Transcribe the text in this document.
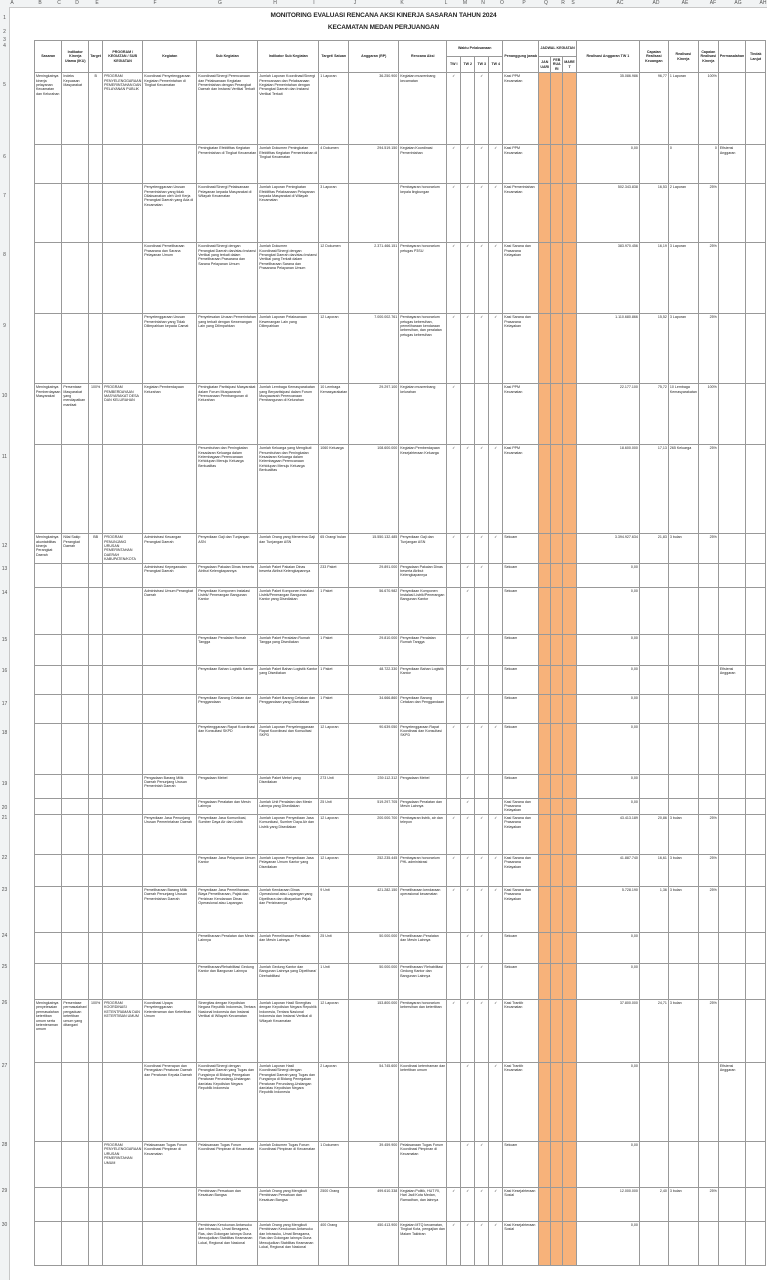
A	B	C	D	E	F	G	H	I	J	K	L	M	N	O	P	Q	R	S	AC	AD	AE	AF	AG	AH
1
2
3
4
5
6
7
8
9
10
11
12
13
14
15
16
17
18
19
20
21
22
23
24
25
26
27
28
29
30
MONITORING EVALUASI RENCANA AKSI KINERJA SASARAN TAHUN 2024
KECAMATAN MEDAN PERJUANGAN
Sasaran	Indikator Kinerja Utama (IKU)	Target	PROGRAM / KEGIATAN / SUB KEGIATAN	Kegiatan	Sub Kegiatan	Indikator Sub Kegiatan	Target/ Satuan	Anggaran (RP)	Rencana Aksi	Waktu Pelaksanaan				Penanggung jawab	JADWAL KEGIATAN			Realisasi Anggaran TW 1	Capaian Realisasi Keuangan	Realisasi Kinerja	Capaian Realisasi Kinerja	Permasalahan	Tindak Lanjut
										TW I	TW 2	TW 3	TW 4		JAN UARI	FEB RUA RI	MARE T						
Meningkatnya kinerja pelayanan Kecamatan dan Kelurahan	Indeks Kepuasan Masyarakat	B	PROGRAM PENYELENGGARAAN PEMERINTAHAN DAN PELAYANAN PUBLIK	Koordinasi Penyelenggaraan Kegiatan Pemerintahan di Tingkat Kecamatan	Koordinasi/Sinergi Perencanaan dan Pelaksanaan Kegiatan Pemerintahan dengan Perangkat Daerah dan Instansi Vertikal Terkait	Jumlah Laporan Koordinasi/Sinergi Perencanaan dan Pelaksanaan Kegiatan Pemerintahan dengan Perangkat Daerah dan Instansi Vertikal Terkait	1 Laporan	36.250.900	Kegiatan musrenbang kecamatan	✓		✓		Kasi PPM Kecamatan				35.086.986	96,77	1 Laporan	100%		
					Peningkatan Efektifitas Kegiatan Pemerintahan di Tingkat Kecamatan	Jumlah Dokumen Peningkatan Efektifitas Kegiatan Pemerintahan di Tingkat Kecamatan	4 Dokumen	294.519.150	Kegiatan Koordinasi Pemerintahan	✓	✓	✓	✓	Kasi PPM Kecamatan				0,00		0	0	Efisiensi Anggaran	
				Penyelenggaraan Urusan Pemerintahan yang tidak Dilaksanakan oleh Unit Kerja Perangkat Daerah yang Ada di Kecamatan	Koordinasi/Sinergi Pelaksanaan Pelayanan kepada Masyarakat di Wilayah Kecamatan	Jumlah Laporan Peningkatan Efektifitas Pelaksanaan Pelayanan kepada Masyarakat di Wilayah Kecamatan	3 Laporan		Pembayaran honorarium kepala lingkungan	✓	✓	✓	✓	Kasi Pemerintahan Kecamatan				502.343.838	16,53	2 Laporan	25%		
				Koordinasi Pemeliharaan Prasarana dan Sarana Pelayanan Umum	Koordinasi/Sinergi dengan Perangkat Daerah dan/atau Instansi Vertikal yang terkait dalam Pemeliharaan Prasarana dan Sarana Pelayanan Umum	Jumlah Dokumen Koordinasi/Sinergi dengan Perangkat Daerah dan/atau Instansi Vertikal yang Terkait dalam Pemeliharaan Sarana dan Prasarana Pelayanan Umum	12 Dokumen	2.371.466.151	Pembayaran honorarium petugas P3SU	✓	✓	✓	✓	Kasi Sarana dan Prasarana Kelayakan				383.970.456	16,19	3 Laporan	25%		
				Penyelenggaraan Urusan Pemerintahan yang Tidak Dilimpahkan kepada Camat	Penyelesaian Urusan Pemerintahan yang terkait dengan Kewenangan Lain yang Dilimpahkan	Jumlah Laporan Pelaksanaan Kewenangan Lain yang Dilimpahkan	12 Laporan	7.000.002.761	Pembayaran honorarium petugas kebersihan, pemeliharaan kendaraan kebersihan, dan peralatan petugas kebersihan	✓	✓	✓	✓	Kasi Sarana dan Prasarana Kelayakan				1.110.680.866	15,52	3 Laporan	25%		
Meningkatnya Pemberdayaan Masyarakat	Persentase Masyarakat yang mendapatkan manfaat	100%	PROGRAM PEMBERDAYAAN MASYARAKAT DESA DAN KELURAHAN	Kegiatan Pemberdayaan Kelurahan	Peningkatan Partisipasi Masyarakat dalam Forum Musyawarah Perencanaan Pembangunan di Kelurahan	Jumlah Lembaga Kemasyarakatan yang Berpartisipasi dalam Forum Musyawarah Perencanaan Pembangunan di Kelurahan	10 Lembaga Kemasyarakatan	29.297.100	Kegiatan musrenbang kelurahan	✓				Kasi PPM Kecamatan				22.177.100	75,72	10 Lembaga Kemasyarakatan	100%		
					Penumbuhan dan Peningkatan Kesadaran Keluarga dalam Kelembagaan Perencanaan Kehidupan Menuju Keluarga Berkualitas	Jumlah Keluarga yang Mengikuti Penumbuhan dan Peningkatan Kesadaran Keluarga dalam Kelembagaan Perencanaan Kehidupan Menuju Keluarga Berkualitas	1060 Keluarga	108.600.000	Kegiatan Pemberdayaan Kesejahteraan Keluarga	✓	✓	✓	✓	Kasi PPM Kecamatan				18.600.000	17,13	265 Keluarga	25%		
Meningkatnya akuntabilitas kinerja Perangkat Daerah	Nilai Sakip Perangkat Daerah	BB	PROGRAM PENUNJANG URUSAN PEMERINTAHAN DAERAH KABUPATEN/KOTA	Administrasi Keuangan Perangkat Daerah	Penyediaan Gaji dan Tunjangan ASN	Jumlah Orang yang Menerima Gaji dan Tunjangan ASN	65 Orang/ bulan	15.550.132.485	Penyediaan Gaji dan Tunjangan ASN	✓	✓	✓	✓	Sekcam				3.394.927.634	21,83	3 bulan	25%		
				Administrasi Kepegawaian Perangkat Daerah	Pengadaan Pakaian Dinas beserta Atribut Kelengkapannya	Jumlah Paket Pakaian Dinas beserta Atribut Kelengkapannya	233 Paket	29.891.000	Pengadaan Pakaian Dinas beserta Atribut Kelengkapannya		✓	✓		Sekcam				0,00					
				Administrasi Umum Perangkat Daerah	Penyediaan Komponen Instalasi Listrik/ Penerangan Bangunan Kantor	Jumlah Paket Komponen Instalasi Listrik/Penerangan Bangunan Kantor yang Disediakan	1 Paket	56.670.982	Penyediaan Komponen Instalasi Listrik/Penerangan Bangunan Kantor		✓			Sekcam				0,00					
					Penyediaan Peralatan Rumah Tangga	Jumlah Paket Peralatan Rumah Tangga yang Disediakan	1 Paket	29.810.000	Penyediaan Peralatan Rumah Tangga		✓			Sekcam				0,00					
					Penyediaan Bahan Logistik Kantor	Jumlah Paket Bahan Logistik Kantor yang Disediakan	1 Paket	48.722.330	Penyediaan Bahan Logistik Kantor		✓			Sekcam				0,00				Efisiensi Anggaran	
					Penyediaan Barang Cetakan dan Penggandaan	Jumlah Paket Barang Cetakan dan Penggandaan yang Disediakan	1 Paket	34.666.860	Penyediaan Barang Cetakan dan Penggandaan		✓			Sekcam				0,00					
					Penyelenggaraan Rapat Koordinasi dan Konsultasi SKPD	Jumlah Laporan Penyelenggaraan Rapat Koordinasi dan Konsultasi SKPD	12 Laporan	90.639.050	Penyelenggaraan Rapat Koordinasi dan Konsultasi SKPD	✓	✓	✓	✓	Sekcam				0,00					
				Pengadaan Barang Milik Daerah Penunjang Urusan Pemerintah Daerah	Pengadaan Mebel	Jumlah Paket Mebel yang Disediakan	273 Unit	239.112.312	Pengadaan Mebel		✓			Sekcam				0,00					
					Pengadaan Peralatan dan Mesin Lainnya	Jumlah Unit Peralatan dan Mesin Lainnya yang Disediakan	25 Unit	519.297.705	Pengadaan Peralatan dan Mesin Lainnya		✓			Kasi Sarana dan Prasarana Kelayakan				0,00					
				Penyediaan Jasa Penunjang Urusan Pemerintahan Daerah	Penyediaan Jasa Komunikasi, Sumber Daya Air dan Listrik	Jumlah Laporan Penyediaan Jasa Komunikasi, Sumber Daya Air dan Listrik yang Disediakan	12 Laporan	200.000.700	Pembayaran listrik, air dan telepon	✓	✓	✓	✓	Kasi Sarana dan Prasarana Kelayakan				43.413.189	20,86	3 bulan	25%		
					Penyediaan Jasa Pelayanan Umum Kantor	Jumlah Laporan Penyediaan Jasa Pelayanan Umum Kantor yang Disediakan	12 Laporan	252.235.445	Pembayaran honorarium PHL administrasi	✓	✓	✓	✓	Kasi Sarana dan Prasarana Kelayakan				41.887.740	16,61	3 bulan	25%		
				Pemeliharaan Barang Milik Daerah Penunjang Urusan Pemerintahan Daerah	Penyediaan Jasa Pemeliharaan, Biaya Pemeliharaan, Pajak dan Perizinan Kendaraan Dinas Operasional atau Lapangan	Jumlah Kendaraan Dinas Operasional atau Lapangan yang Dipelihara dan dibayarkan Pajak dan Perizinannya	9 Unit	421.282.150	Pemeliharaan kendaraan operasional kecamatan	✓	✓	✓	✓	Kasi Sarana dan Prasarana Kelayakan				5.728.190	1,36	3 bulan	25%		
					Pemeliharaan Peralatan dan Mesin Lainnya	Jumlah Pemeliharaan Peralatan dan Mesin Lainnya	25 Unit	50.000.000	Pemeliharaan Peralatan dan Mesin Lainnya		✓	✓		Sekcam				0,00					
					Pemeliharaan/Rehabilitasi Gedung Kantor dan Bangunan Lainnya	Jumlah Gedung Kantor dan Bangunan Lainnya yang Dipelihara/ Direhabilitasi	1 Unit	50.000.000	Pemeliharaan/ Rehabilitasi Gedung Kantor dan Bangunan Lainnya		✓	✓		Sekcam				0,00					
Meningkatnya penyelesaian permasalahan ketertiban umum serta ketenteraman umum	Persentase permasalahan/ pengaduan ketertiban umum yang ditangani	100%	PROGRAM KOORDINASI KETENTRAMAN DAN KETERTIBAN UMUM	Koordinasi Upaya Penyelenggaraan Ketenteraman dan Ketertiban Umum	Sinergitas dengan Kepolisian Negara Republik Indonesia, Tentara Nasional Indonesia dan Instansi Vertikal di Wilayah Kecamatan	Jumlah Laporan Hasil Sinergitas dengan Kepolisian Negara Republik Indonesia, Tentara Nasional Indonesia dan Instansi Vertikal di Wilayah Kecamatan	12 Laporan	153.800.000	Pembayaran honorarium kebersihan dan ketertiban	✓	✓	✓	✓	Kasi Trantib Kecamatan				37.800.000	24,71	3 bulan	25%		
				Koordinasi Penerapan dan Penegakan Peraturan Daerah dan Peraturan Kepala Daerah	Koordinasi/Sinergi dengan Perangkat Daerah yang Tugas dan Fungsinya di Bidang Penegakan Peraturan Perundang-Undangan dan/atau Kepolisian Negara Republik Indonesia	Jumlah Laporan Hasil Koordinasi/Sinergi dengan Perangkat Daerah yang Tugas dan Fungsinya di Bidang Penegakan Peraturan Perundang-Undangan dan/atau Kepolisian Negara Republik Indonesia	2 Laporan	54.745.600	Koordinasi ketentraman dan ketertiban umum		✓		✓	Kasi Trantib Kecamatan				0,00				Efisiensi Anggaran	
			PROGRAM PENYELENGGARAAN URUSAN PEMERINTAHAN UMUM	Pelaksanaan Tugas Forum Koordinasi Pimpinan di Kecamatan	Pelaksanaan Tugas Forum Koordinasi Pimpinan di Kecamatan	Jumlah Dokumen Tugas Forum Koordinasi Pimpinan di Kecamatan	1 Dokumen	39.459.900	Pelaksanaan Tugas Forum Koordinasi Pimpinan di Kecamatan		✓	✓		Sekcam				0,00					
					Pembinaan Persatuan dan Kesatuan Bangsa	Jumlah Orang yang Mengikuti Pembinaan Persatuan dan Kesatuan Bangsa	2500 Orang	499.610.338	Kegiatan Politik, HUT RI, Hari Jadi Kota Medan, Ramadhan, dan lainnya	✓	✓	✓	✓	Kasi Kesejahteraan Sosial				12.000.000	2,40	3 bulan	25%		
					Pembinaan Kerukunan Antarsuku dan Intrasuku, Umat Beragama, Ras, dan Golongan lainnya Guna Mewujudkan Stabilitas Keamanan Lokal, Regional dan Nasional	Jumlah Orang yang Mengikuti Pembinaan Kerukunan Antarsuku dan Intrasuku, Umat Beragama, Ras dan Golongan lainnya Guna Mewujudkan Stabilitas Keamanan Lokal, Regional dan Nasional	400 Orang	450.413.900	Kegiatan MTQ kecamatan, Tingkat Kota, pengajian dan Malam Takbiran	✓	✓	✓	✓	Kasi Kesejahteraan Sosial				0,00					
